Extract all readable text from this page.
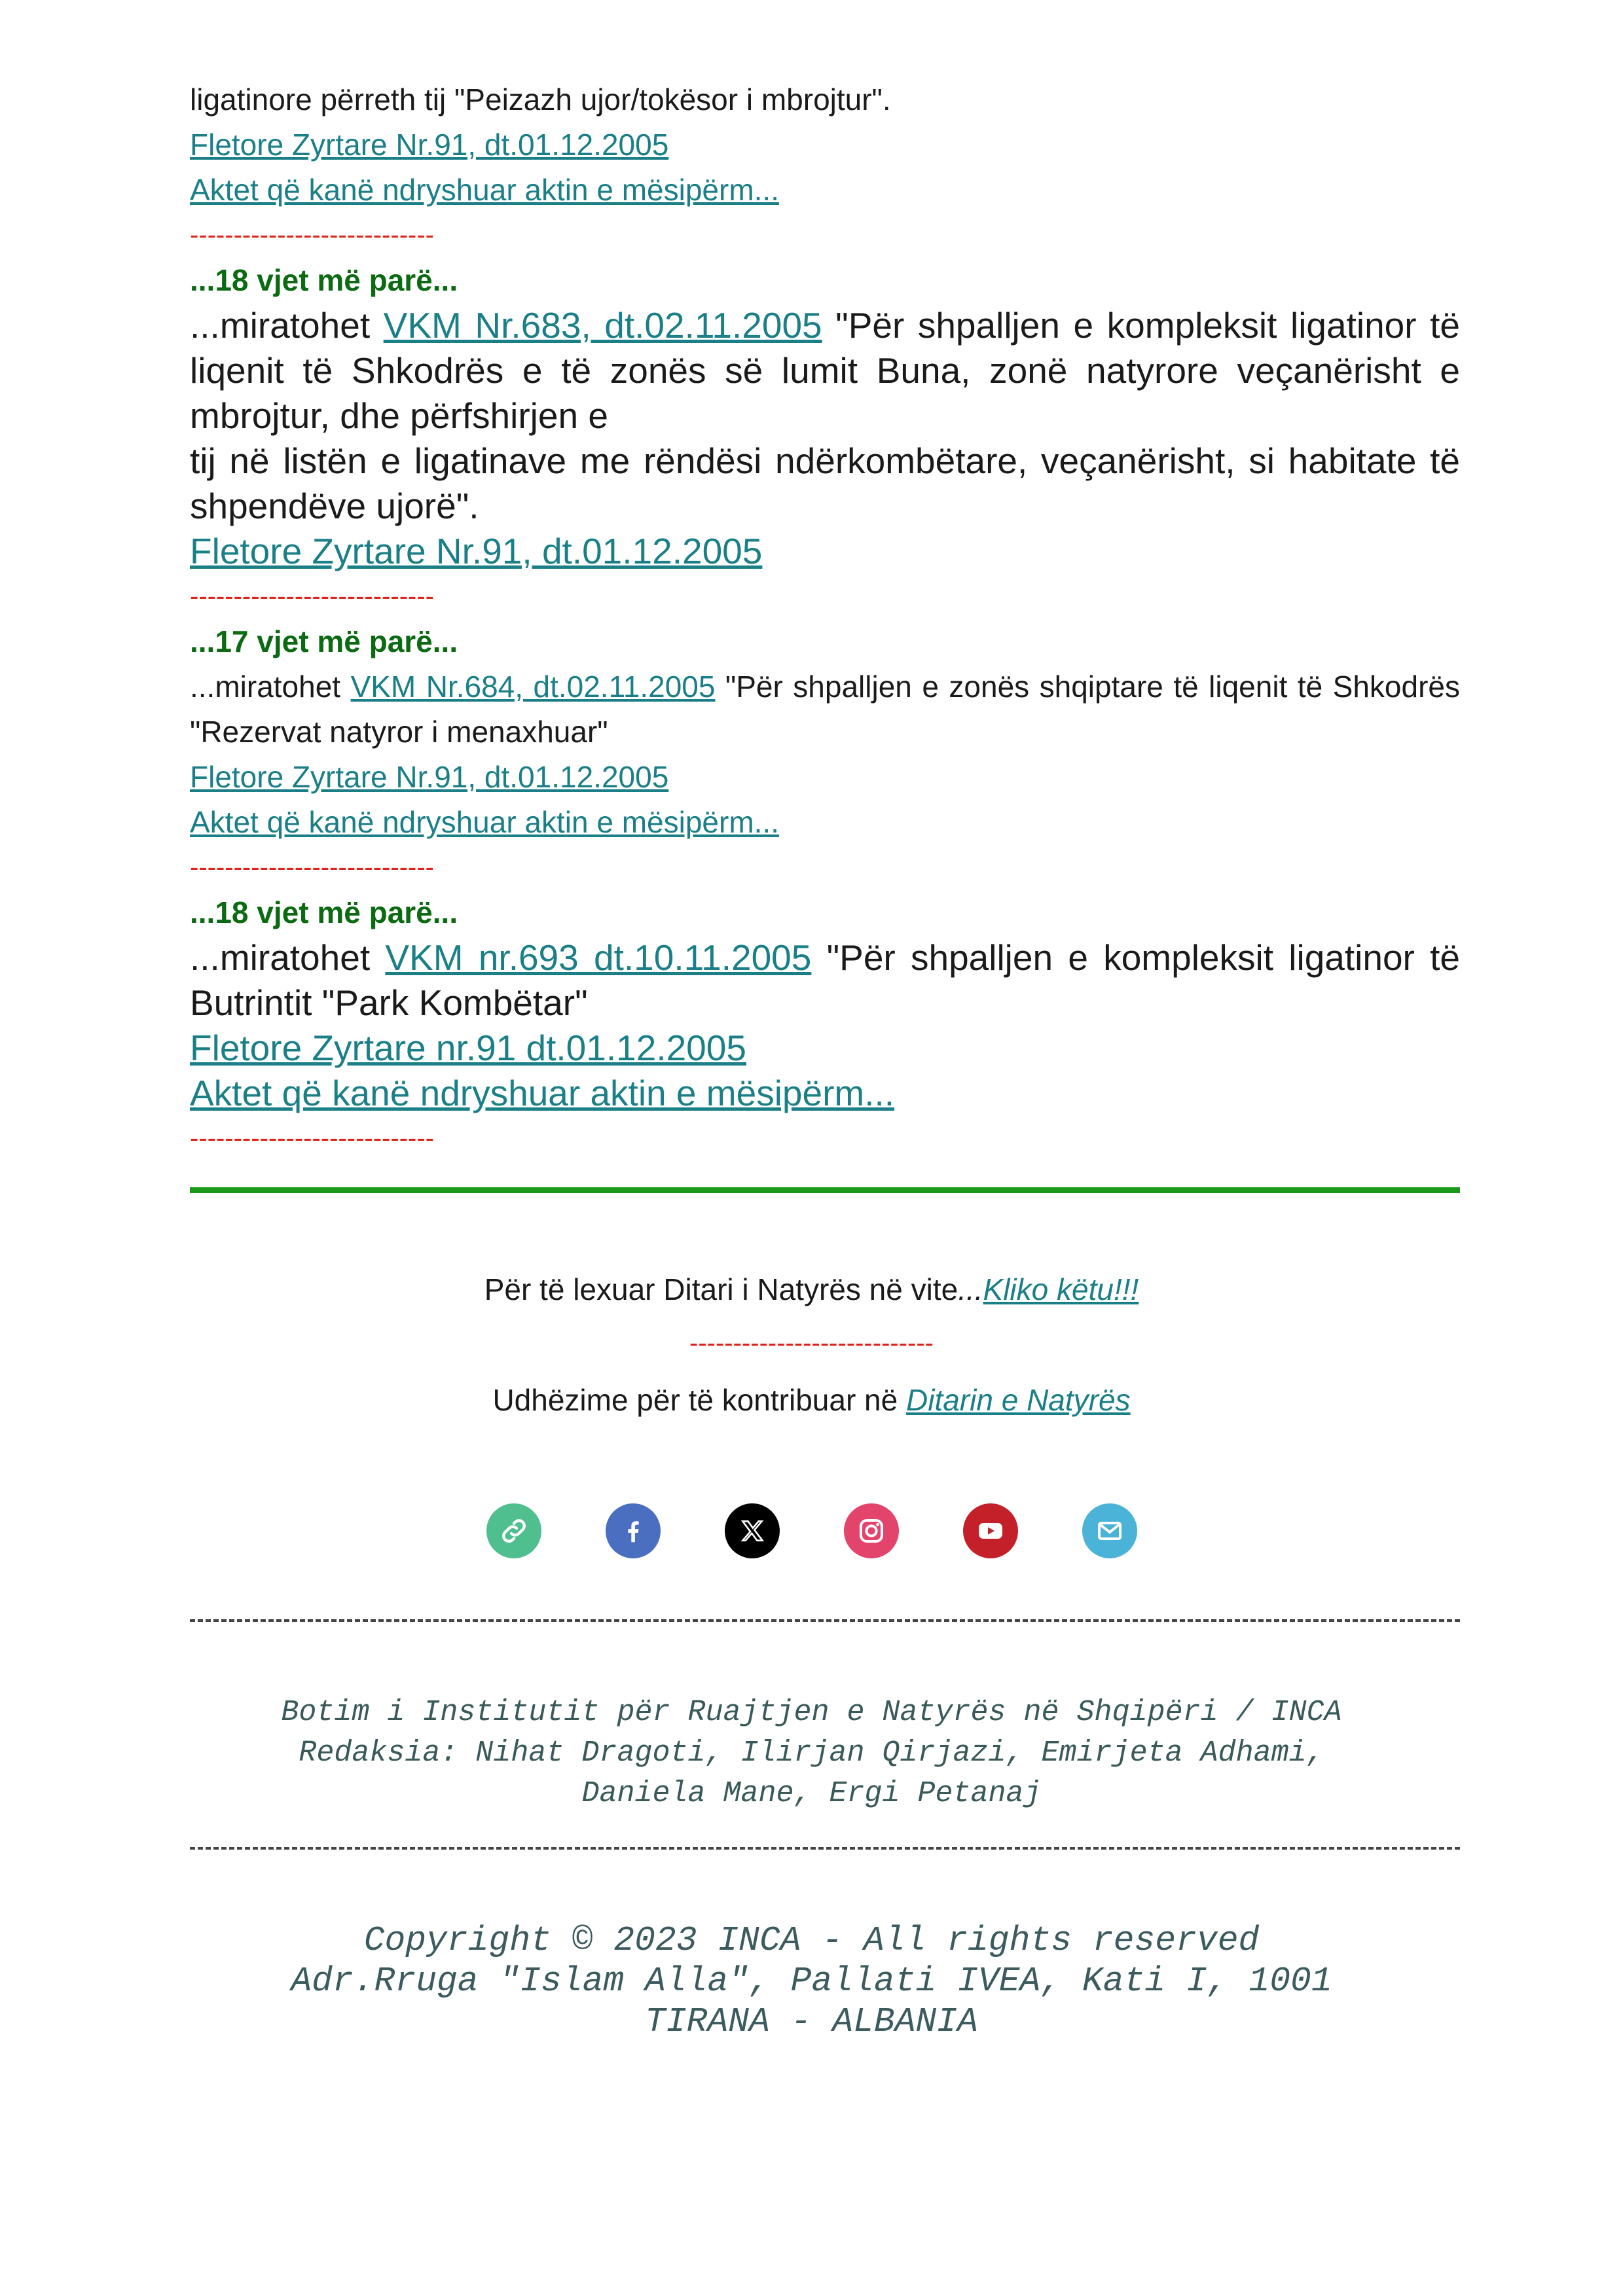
ligatinore përreth tij "Peizazh ujor/tokësor i mbrojtur".

Fletore Zyrtare Nr.91, dt.01.12.2005

Aktet që kanë ndryshuar aktin e mësipërm...

----------------------------

...18 vjet më parë...

...miratohet VKM Nr.683, dt.02.11.2005 "Për shpalljen e kompleksit ligatinor të liqenit të Shkodrës e të zonës së lumit Buna, zonë natyrore veçanërisht e mbrojtur, dhe përfshirjen e

tij në listën e ligatinave me rëndësi ndërkombëtare, veçanërisht, si habitate të shpendëve ujorë".

Fletore Zyrtare Nr.91, dt.01.12.2005

----------------------------

...17 vjet më parë...

...miratohet VKM Nr.684, dt.02.11.2005 "Për shpalljen e zonës shqiptare të liqenit të Shkodrës "Rezervat natyror i menaxhuar"

Fletore Zyrtare Nr.91, dt.01.12.2005

Aktet që kanë ndryshuar aktin e mësipërm...

----------------------------

...18 vjet më parë...

...miratohet VKM nr.693 dt.10.11.2005 "Për shpalljen e kompleksit ligatinor të Butrintit "Park Kombëtar"

Fletore Zyrtare nr.91 dt.01.12.2005

Aktet që kanë ndryshuar aktin e mësipërm...

----------------------------

Për të lexuar Ditari i Natyrës në vite...Kliko këtu!!!
----------------------------
Udhëzime për të kontribuar në Ditarin e Natyrës
Botim i Institutit për Ruajtjen e Natyrës në Shqipëri / INCA
Redaksia: Nihat Dragoti, Ilirjan Qirjazi, Emirjeta Adhami,
Daniela Mane, Ergi Petanaj
Copyright © 2023 INCA - All rights reserved
Adr.Rruga "Islam Alla", Pallati IVEA, Kati I, 1001
TIRANA - ALBANIA
